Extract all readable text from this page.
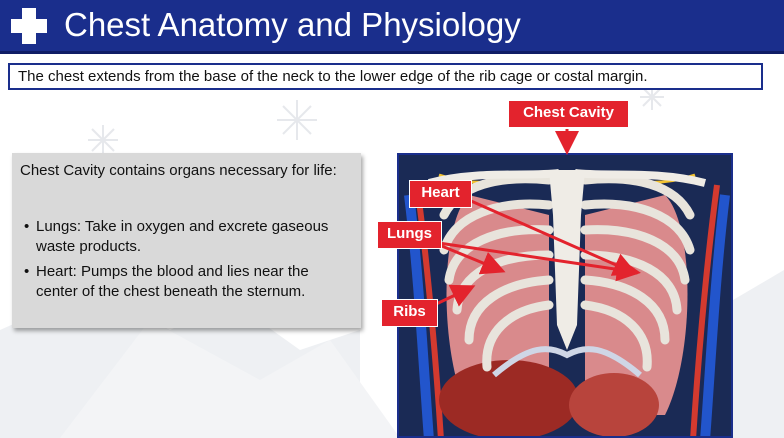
Chest Anatomy and Physiology
The chest extends from the base of the neck to the lower edge of the rib cage or costal margin.
Chest Cavity contains organs necessary for life:
• Lungs: Take in oxygen and excrete gaseous waste products.
• Heart: Pumps the blood and lies near the center of the chest beneath the sternum.
Chest Cavity
Heart
Lungs
Ribs
